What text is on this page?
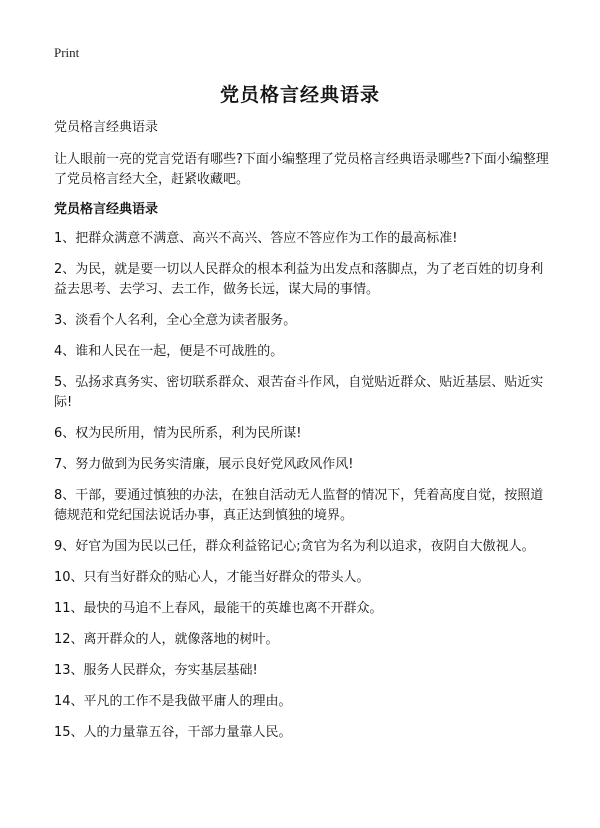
Print
党员格言经典语录

党员格言经典语录

让人眼前一亮的党言党语有哪些?下面小编整理了党员格言经典语录哪些?下面小编整理了党员格言经大全，赶紧收藏吧。

党员格言经典语录

1、把群众满意不满意、高兴不高兴、答应不答应作为工作的最高标准!
2、为民，就是要一切以人民群众的根本利益为出发点和落脚点，为了老百姓的切身利益去思考、去学习、去工作，做务长远，谋大局的事情。
3、淡看个人名利，全心全意为读者服务。
4、谁和人民在一起，便是不可战胜的。
5、弘扬求真务实、密切联系群众、艰苦奋斗作风，自觉贴近群众、贴近基层、贴近实际!
6、权为民所用，情为民所系，利为民所谋!
7、努力做到为民务实清廉，展示良好党风政风作风!
8、干部，要通过慎独的办法，在独自活动无人监督的情况下，凭着高度自觉，按照道德规范和党纪国法说话办事，真正达到慎独的境界。
9、好官为国为民以己任，群众利益铭记心;贪官为名为利以追求，夜阴自大傲视人。
10、只有当好群众的贴心人，才能当好群众的带头人。
11、最快的马追不上春风，最能干的英雄也离不开群众。
12、离开群众的人，就像落地的树叶。
13、服务人民群众，夯实基层基础!
14、平凡的工作不是我做平庸人的理由。
15、人的力量靠五谷，干部力量靠人民。
